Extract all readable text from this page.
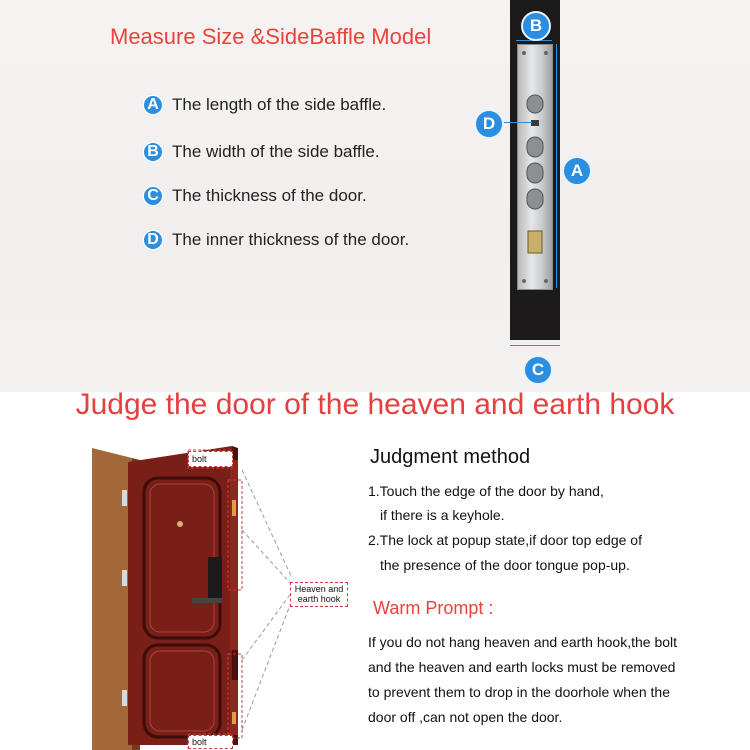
Measure Size &SideBaffle Model
A The length of the side baffle.
B The width of the side baffle.
C The thickness of the door.
D The inner thickness of the door.
B
D
A
C
Judge the door of the heaven and earth hook
bolt
Heaven and
earth hook
bolt
Judgment method
1.Touch the edge of the door by hand,
if there is a keyhole.
2.The lock at popup state,if door top edge of
the presence of the door tongue pop-up.
Warm Prompt :
If you do not hang heaven and earth hook,the bolt
and the heaven and earth locks must be removed
to prevent them to drop in the doorhole when the
door off ,can not open the door.
